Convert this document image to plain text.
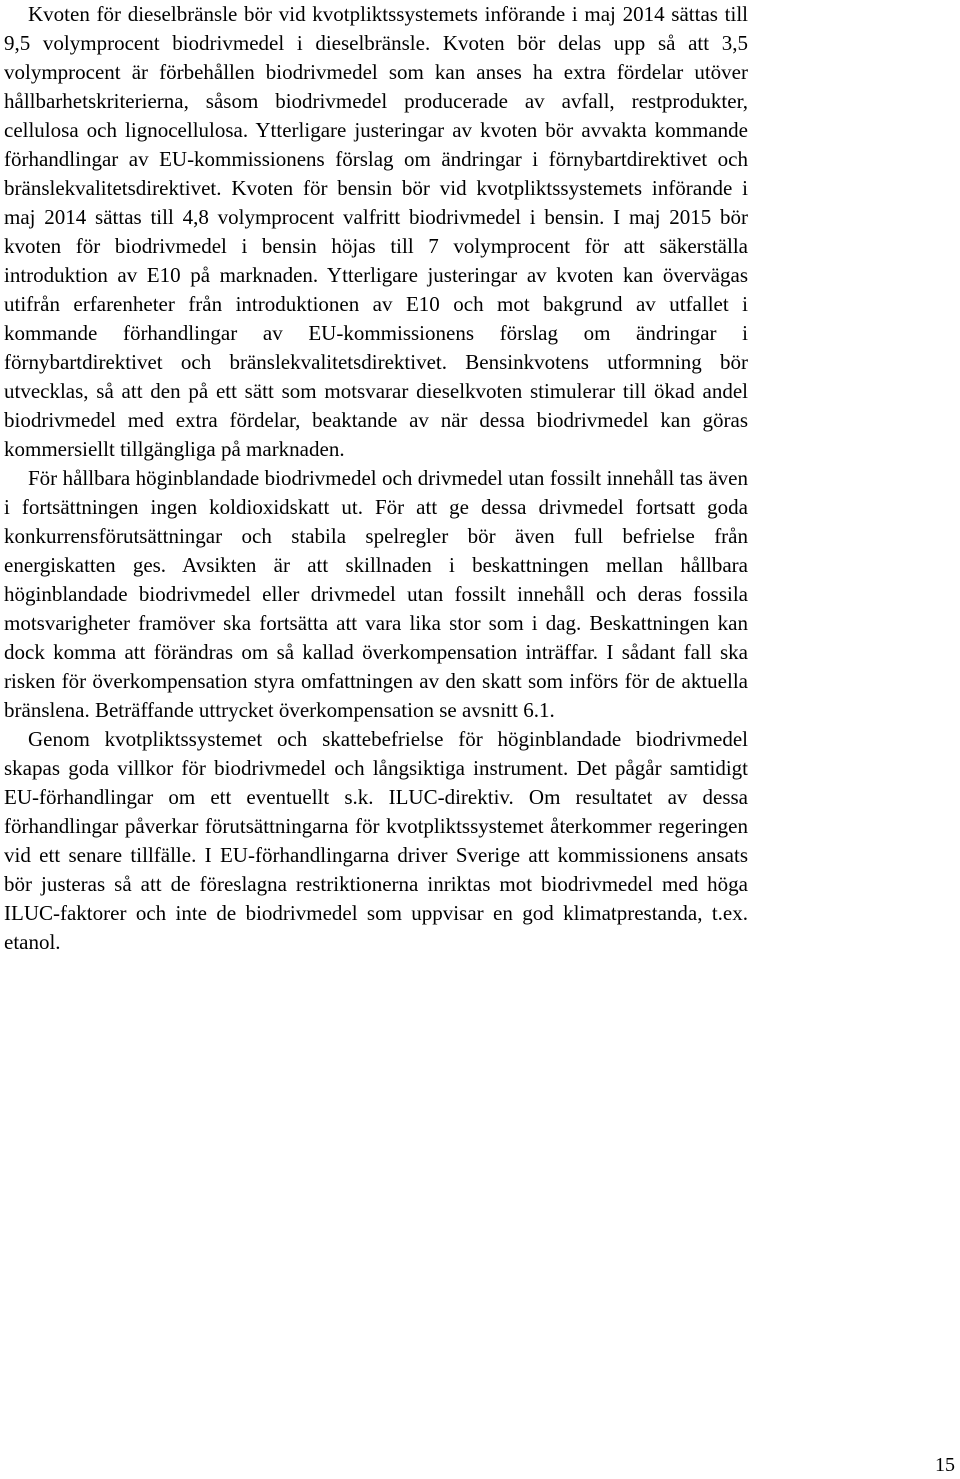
Kvoten för dieselbränsle bör vid kvotpliktssystemets införande i maj 2014 sättas till 9,5 volymprocent biodrivmedel i dieselbränsle. Kvoten bör delas upp så att 3,5 volymprocent är förbehållen biodrivmedel som kan anses ha extra fördelar utöver hållbarhetskriterierna, såsom biodrivmedel producerade av avfall, restprodukter, cellulosa och lignocellulosa. Ytterligare justeringar av kvoten bör avvakta kommande förhandlingar av EU-kommissionens förslag om ändringar i förnybartdirektivet och bränslekvalitetsdirektivet. Kvoten för bensin bör vid kvotpliktssystemets införande i maj 2014 sättas till 4,8 volymprocent valfritt biodrivmedel i bensin. I maj 2015 bör kvoten för biodrivmedel i bensin höjas till 7 volymprocent för att säkerställa introduktion av E10 på marknaden. Ytterligare justeringar av kvoten kan övervägas utifrån erfarenheter från introduktionen av E10 och mot bakgrund av utfallet i kommande förhandlingar av EU-kommissionens förslag om ändringar i förnybartdirektivet och bränslekvalitetsdirektivet. Bensinkvotens utformning bör utvecklas, så att den på ett sätt som motsvarar dieselkvoten stimulerar till ökad andel biodrivmedel med extra fördelar, beaktande av när dessa biodrivmedel kan göras kommersiellt tillgängliga på marknaden.

För hållbara höginblandade biodrivmedel och drivmedel utan fossilt innehåll tas även i fortsättningen ingen koldioxidskatt ut. För att ge dessa drivmedel fortsatt goda konkurrensförutsättningar och stabila spelregler bör även full befrielse från energiskatten ges. Avsikten är att skillnaden i beskattningen mellan hållbara höginblandade biodrivmedel eller drivmedel utan fossilt innehåll och deras fossila motsvarigheter framöver ska fortsätta att vara lika stor som i dag. Beskattningen kan dock komma att förändras om så kallad överkompensation inträffar. I sådant fall ska risken för överkompensation styra omfattningen av den skatt som införs för de aktuella bränslena. Beträffande uttrycket överkompensation se avsnitt 6.1.

Genom kvotpliktssystemet och skattebefrielse för höginblandade biodrivmedel skapas goda villkor för biodrivmedel och långsiktiga instrument. Det pågår samtidigt EU-förhandlingar om ett eventuellt s.k. ILUC-direktiv. Om resultatet av dessa förhandlingar påverkar förutsättningarna för kvotpliktssystemet återkommer regeringen vid ett senare tillfälle. I EU-förhandlingarna driver Sverige att kommissionens ansats bör justeras så att de föreslagna restriktionerna inriktas mot biodrivmedel med höga ILUC-faktorer och inte de biodrivmedel som uppvisar en god klimatprestanda, t.ex. etanol.

15
